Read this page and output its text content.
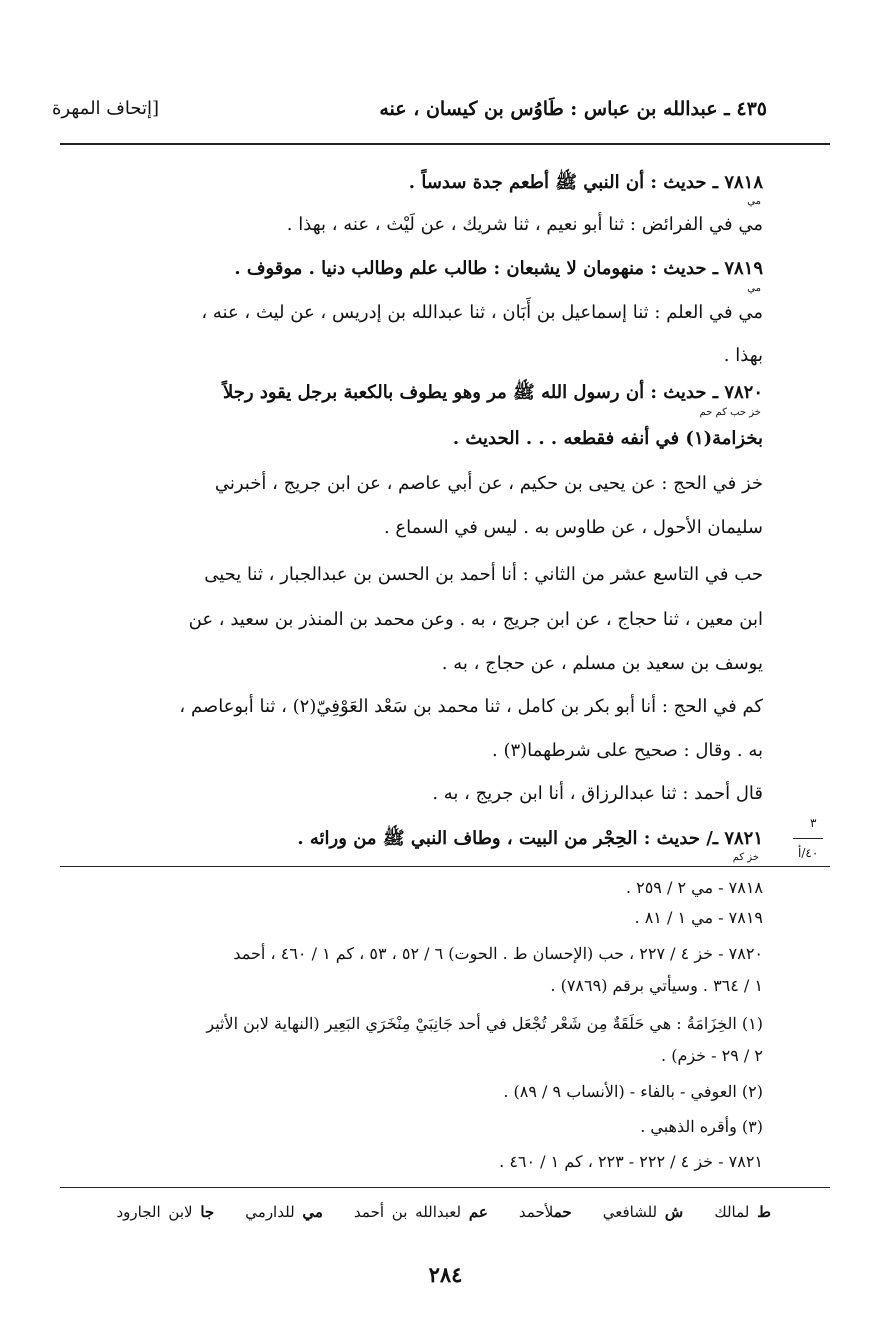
٤٣٥ ـ عبدالله بن عباس : طَاوُس بن كيسان ، عنه
[إتحاف المهرة
٧٨١٨ ـ حديث : أن النبي ﷺ أطعم جدة سدساً .
مي
مي في الفرائض : ثنا أبو نعيم ، ثنا شريك ، عن لَيْث ، عنه ، بهذا .
٧٨١٩ ـ حديث : منهومان لا يشبعان : طالب علم وطالب دنيا . موقوف .
مي
مي في العلم : ثنا إسماعيل بن أَبَان ، ثنا عبدالله بن إدريس ، عن ليث ، عنه ،
بهذا .
٧٨٢٠ ـ حديث : أن رسول الله ﷺ مر وهو يطوف بالكعبة برجل يقود رجلاً
خز حب كم حم
بخزامة(١) في أنفه فقطعه . . . الحديث .
خز في الحج : عن يحيى بن حكيم ، عن أبي عاصم ، عن ابن جريج ، أخبرني
سليمان الأحول ، عن طاوس به . ليس في السماع .
حب في التاسع عشر من الثاني : أنا أحمد بن الحسن بن عبدالجبار ، ثنا يحيى
ابن معين ، ثنا حجاج ، عن ابن جريج ، به . وعن محمد بن المنذر بن سعيد ، عن
يوسف بن سعيد بن مسلم ، عن حجاج ، به .
كم في الحج : أنا أبو بكر بن كامل ، ثنا محمد بن سَعْد العَوْفِيّ(٢) ، ثنا أبوعاصم ،
به . وقال : صحيح على شرطهما(٣) .
قال أحمد : ثنا عبدالرزاق ، أنا ابن جريج ، به .
٧٨٢١ ـ/ حديث : الحِجْر من البيت ، وطاف النبي ﷺ من ورائه .
خز كم
٣
٤٠/أ
٧٨١٨ - مي ٢ / ٢٥٩ .
٧٨١٩ - مي ١ / ٨١ .
٧٨٢٠ - خز ٤ / ٢٢٧ ، حب (الإحسان ط . الحوت) ٦ / ٥٢ ، ٥٣ ، كم ١ / ٤٦٠ ، أحمد
١ / ٣٦٤ . وسيأتي برقم (٧٨٦٩) .
(١) الخِزَامَةُ : هي حَلَقَةٌ مِن شَعْر تُجْعَل في أحد جَانِبَيْ مِنْخَرَي البَعِير (النهاية لابن الأثير
٢ / ٢٩ - خزم) .
(٢) العوفي - بالفاء - (الأنساب ٩ / ٨٩) .
(٣) وأقره الذهبي .
٧٨٢١ - خز ٤ / ٢٢٢ - ٢٢٣ ، كم ١ / ٤٦٠ .
ط لمالك    ش للشافعي    حملأحمد    عم لعبدالله بن أحمد    مي للدارمي    جا لابن الجارود
٢٨٤
